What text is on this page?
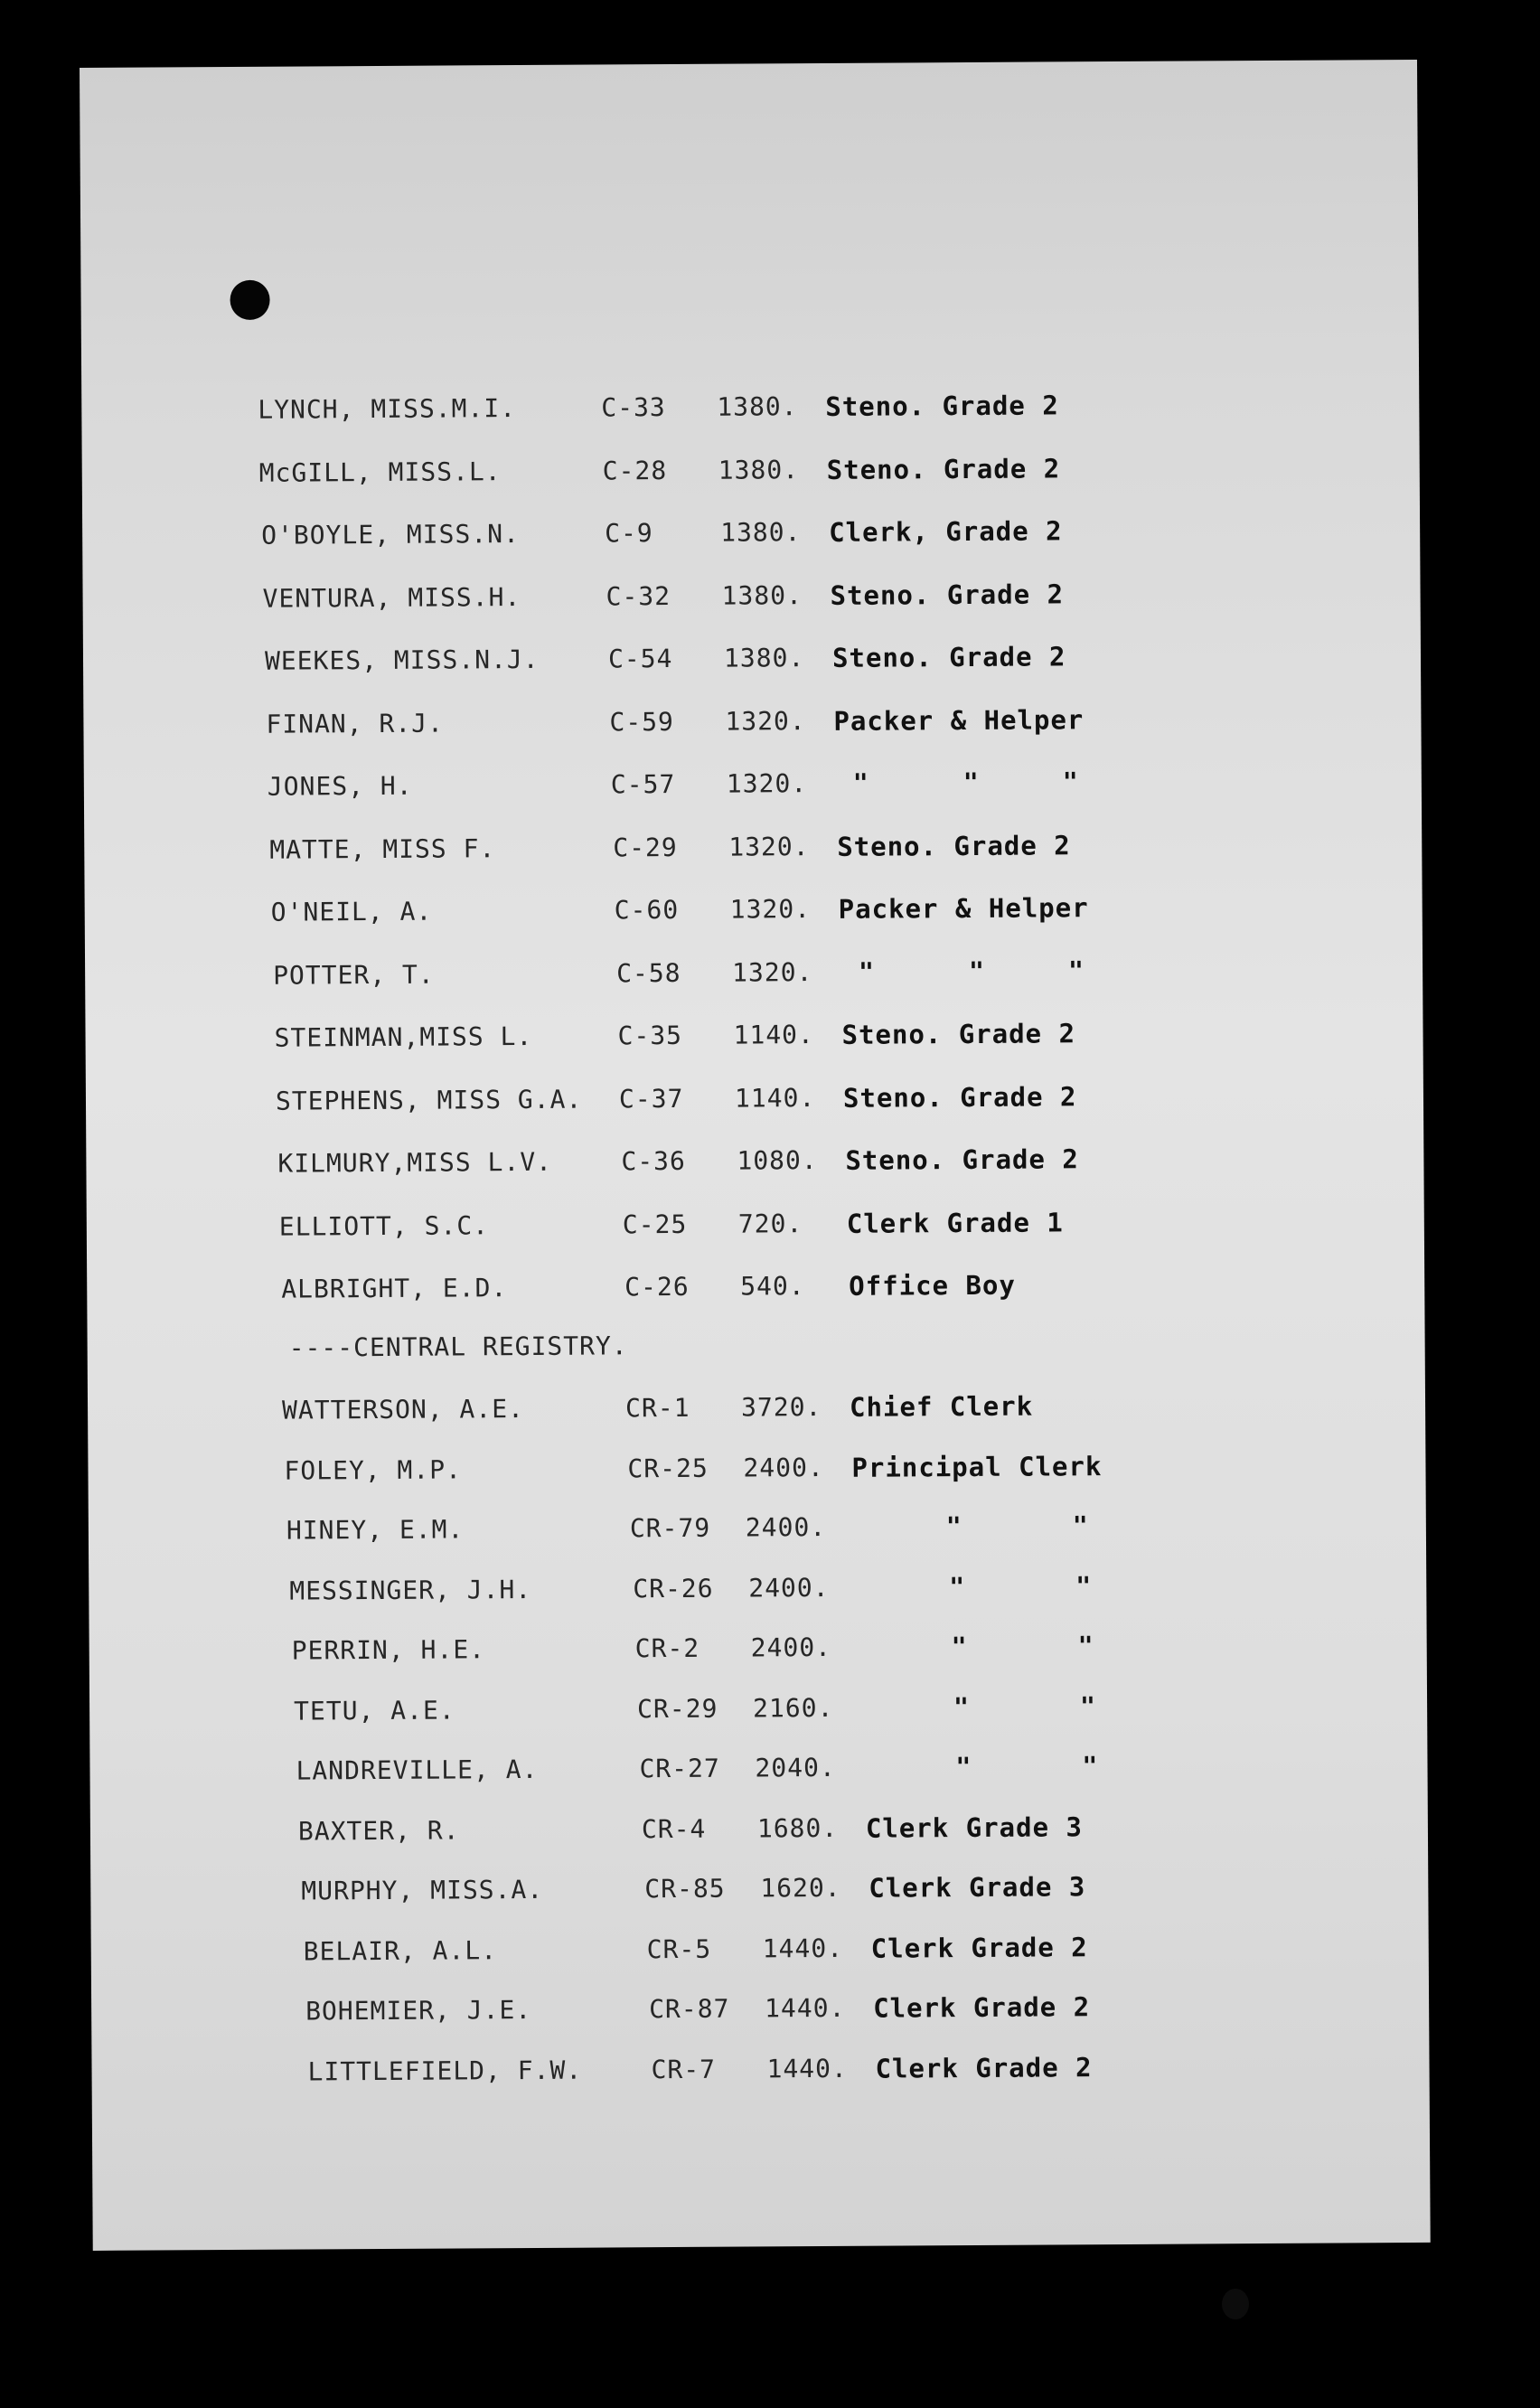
LYNCH, MISS.M.I.	C-33 1380. Steno. Grade 2
McGILL, MISS.L.	C-28 1380. Steno. Grade 2
O'BOYLE, MISS.N.	C-9	1380. Clerk, Grade 2
VENTURA, MISS.H.	C-32 1380. Steno. Grade 2
WEEKES, MISS.N.J.	C-54 1380. Steno. Grade 2
FINAN, R.J.	C-59 1320. Packer & Helper
JONES, H.	C-57 1320. "	"	"
MATTE, MISS F.	C-29 1320. Steno. Grade 2
O'NEIL, A.	C-60 1320. Packer & Helper
POTTER, T.	C-58 1320. "	"	"
STEINMAN,MISS L.	C-35 1140. Steno. Grade 2
STEPHENS, MISS G.A. C-37 1140. Steno. Grade 2
KILMURY,MISS L.V.	C-36 1080. Steno. Grade 2
ELLIOTT, S.C.	C-25 720. Clerk Grade 1
ALBRIGHT, E.D.	C-26 540. Office Boy
----CENTRAL REGISTRY.
WATTERSON, A.E.	CR-1 3720. Chief Clerk
FOLEY, M.P.	CR-25 2400. Principal Clerk
HINEY, E.M.	CR-79 2400.	"	"
MESSINGER, J.H.	CR-26 2400.	"	"
PERRIN, H.E.	CR-2 2400.	"	"
TETU, A.E.	CR-29 2160.	"	"
LANDREVILLE, A.	CR-27 2040.	"	"
BAXTER, R.	CR-4 1680. Clerk Grade 3
MURPHY, MISS.A.	CR-85 1620. Clerk Grade 3
BELAIR, A.L.	CR-5 1440. Clerk Grade 2
BOHEMIER, J.E.	CR-87 1440. Clerk Grade 2
LITTLEFIELD, F.W.	CR-7 1440. Clerk Grade 2
